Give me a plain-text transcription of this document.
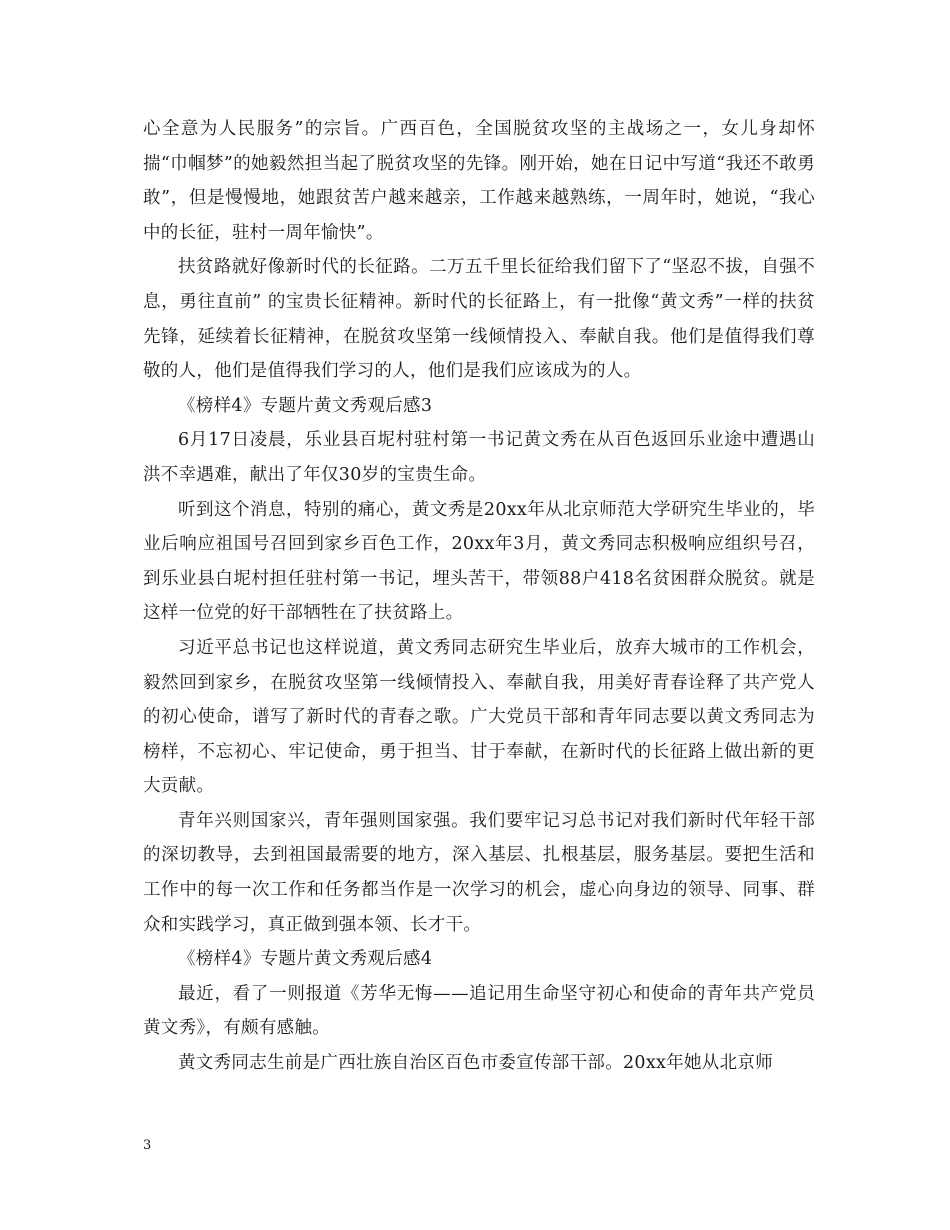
心全意为人民服务”的宗旨。广西百色，全国脱贫攻坚的主战场之一，女儿身却怀揣“巾帼梦”的她毅然担当起了脱贫攻坚的先锋。刚开始，她在日记中写道“我还不敢勇敢”，但是慢慢地，她跟贫苦户越来越亲，工作越来越熟练，一周年时，她说，“我心中的长征，驻村一周年愉快”。

扶贫路就好像新时代的长征路。二万五千里长征给我们留下了“坚忍不拔，自强不息，勇往直前” 的宝贵长征精神。新时代的长征路上，有一批像“黄文秀”一样的扶贫先锋，延续着长征精神，在脱贫攻坚第一线倾情投入、奉献自我。他们是值得我们尊敬的人，他们是值得我们学习的人，他们是我们应该成为的人。

《榜样4》专题片黄文秀观后感3

6月17日凌晨，乐业县百坭村驻村第一书记黄文秀在从百色返回乐业途中遭遇山洪不幸遇难，献出了年仅30岁的宝贵生命。

听到这个消息，特别的痛心，黄文秀是20xx年从北京师范大学研究生毕业的，毕业后响应祖国号召回到家乡百色工作，20xx年3月，黄文秀同志积极响应组织号召，到乐业县白坭村担任驻村第一书记，埋头苦干，带领88户418名贫困群众脱贫。就是这样一位党的好干部牺牲在了扶贫路上。

习近平总书记也这样说道，黄文秀同志研究生毕业后，放弃大城市的工作机会，毅然回到家乡，在脱贫攻坚第一线倾情投入、奉献自我，用美好青春诠释了共产党人的初心使命，谱写了新时代的青春之歌。广大党员干部和青年同志要以黄文秀同志为榜样，不忘初心、牢记使命，勇于担当、甘于奉献，在新时代的长征路上做出新的更大贡献。

青年兴则国家兴，青年强则国家强。我们要牢记习总书记对我们新时代年轻干部的深切教导，去到祖国最需要的地方，深入基层、扎根基层，服务基层。要把生活和工作中的每一次工作和任务都当作是一次学习的机会，虚心向身边的领导、同事、群众和实践学习，真正做到强本领、长才干。

《榜样4》专题片黄文秀观后感4

最近，看了一则报道《芳华无悔——追记用生命坚守初心和使命的青年共产党员黄文秀》，有颇有感触。

黄文秀同志生前是广西壮族自治区百色市委宣传部干部。20xx年她从北京师

3
